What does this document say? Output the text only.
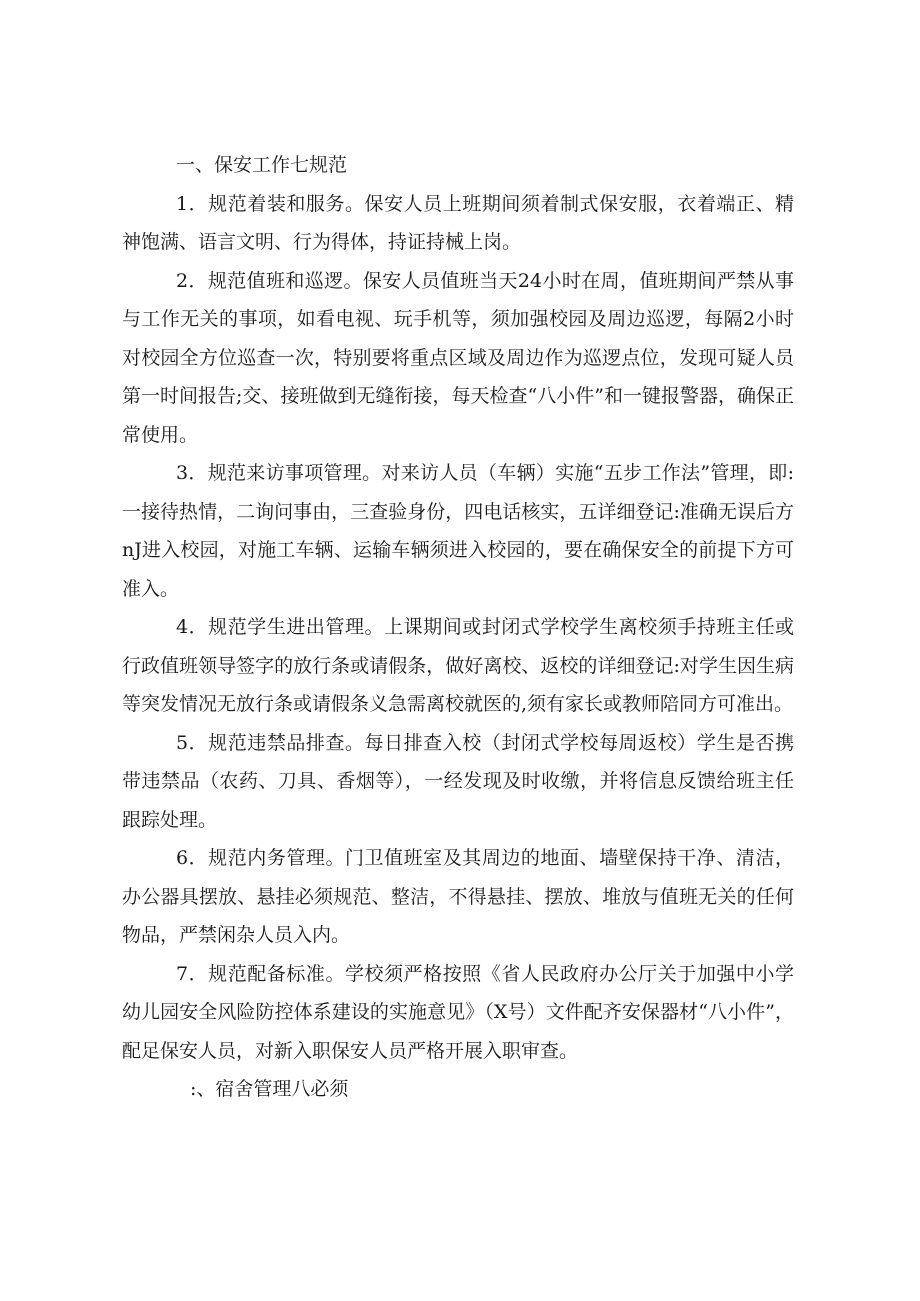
一、保安工作七规范

1．规范着装和服务。保安人员上班期间须着制式保安服，衣着端正、精神饱满、语言文明、行为得体，持证持械上岗。

2．规范值班和巡逻。保安人员值班当天24小时在周，值班期间严禁从事与工作无关的事项，如看电视、玩手机等，须加强校园及周边巡逻，每隔2小时对校园全方位巡查一次，特别要将重点区域及周边作为巡逻点位，发现可疑人员第一时间报告;交、接班做到无缝衔接，每天检查“八小件”和一键报警器，确保正常使用。

3．规范来访事项管理。对来访人员（车辆）实施“五步工作法”管理，即:一接待热情，二询问事由，三查验身份，四电话核实，五详细登记:准确无误后方nJ进入校园，对施工车辆、运输车辆须进入校园的，要在确保安全的前提下方可准入。

4．规范学生进出管理。上课期间或封闭式学校学生离校须手持班主任或行政值班领导签字的放行条或请假条，做好离校、返校的详细登记:对学生因生病等突发情况无放行条或请假条义急需离校就医的,须有家长或教师陪同方可准出。

5．规范违禁品排查。每日排查入校（封闭式学校每周返校）学生是否携带违禁品（农药、刀具、香烟等），一经发现及时收缴，并将信息反馈给班主任跟踪处理。

6．规范内务管理。门卫值班室及其周边的地面、墙壁保持干净、清洁，办公器具摆放、悬挂必须规范、整洁，不得悬挂、摆放、堆放与值班无关的任何物品，严禁闲杂人员入内。

7．规范配备标准。学校须严格按照《省人民政府办公厅关于加强中小学幼儿园安全风险防控体系建设的实施意见》（X号）文件配齐安保器材“八小件”，配足保安人员，对新入职保安人员严格开展入职审查。

:、宿舍管理八必须
